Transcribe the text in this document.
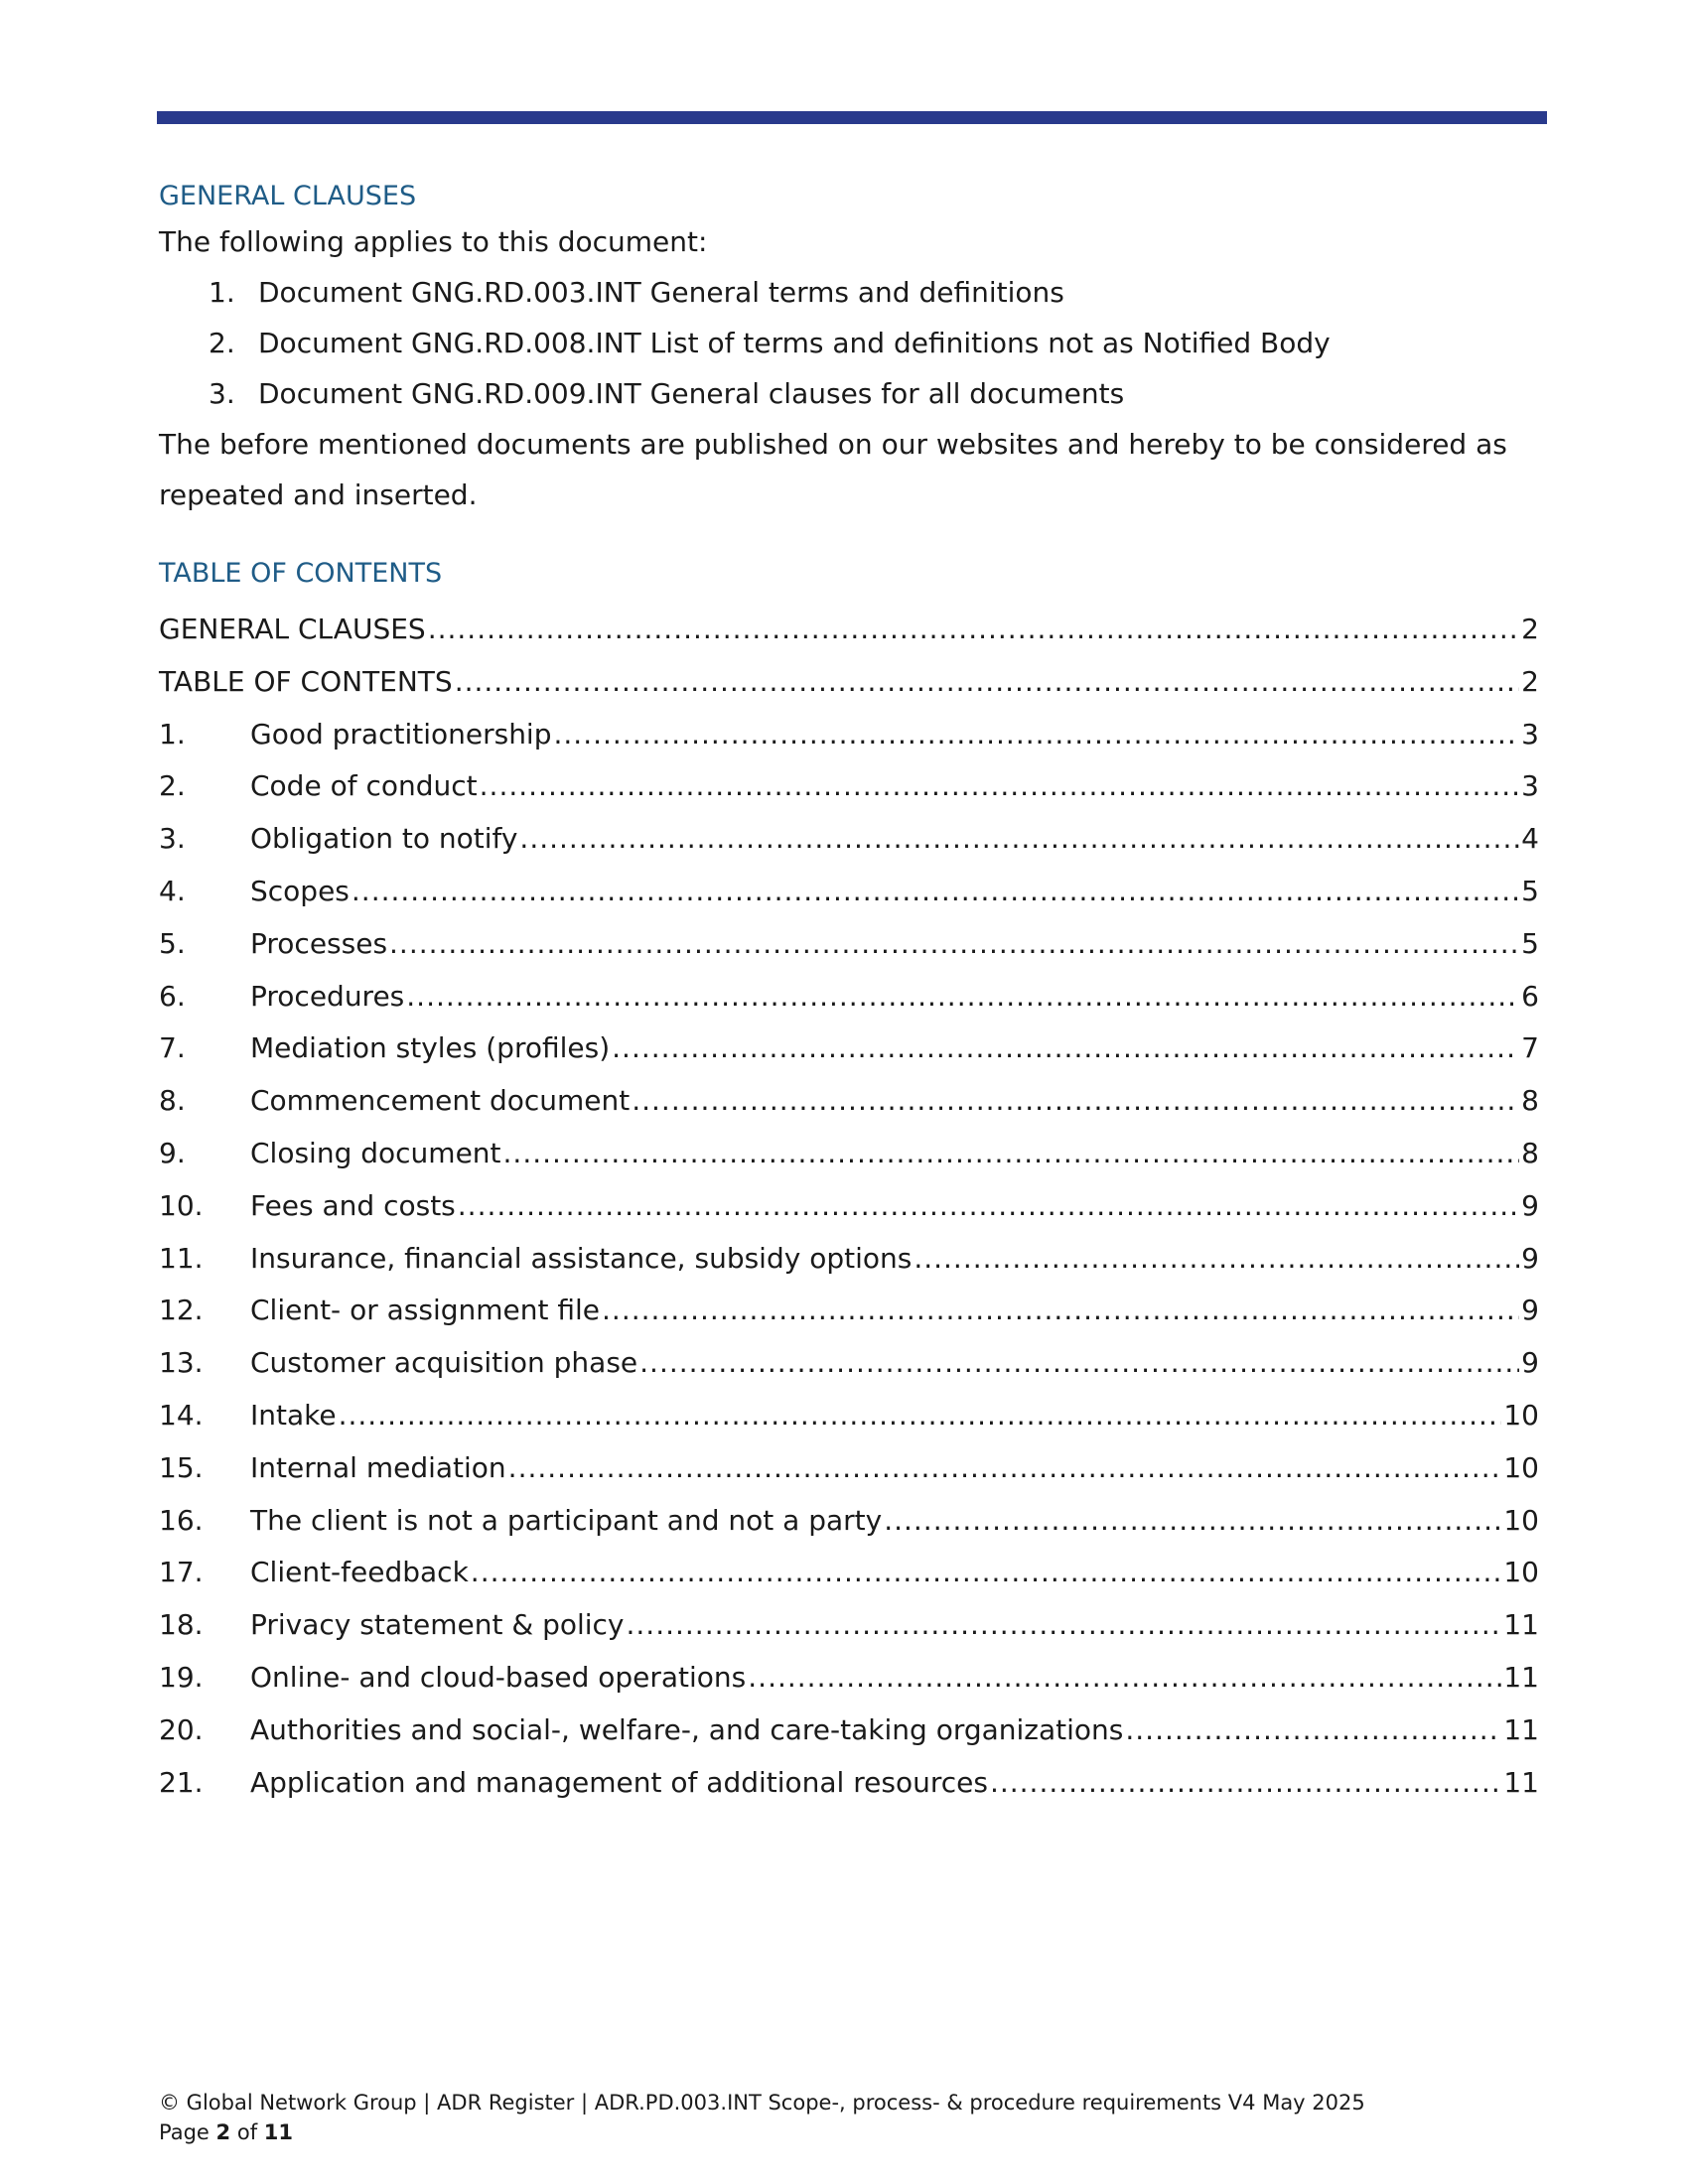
GENERAL CLAUSES

The following applies to this document:

1. Document GNG.RD.003.INT General terms and definitions
2. Document GNG.RD.008.INT List of terms and definitions not as Notified Body
3. Document GNG.RD.009.INT General clauses for all documents

The before mentioned documents are published on our websites and hereby to be considered as repeated and inserted.

TABLE OF CONTENTS
GENERAL CLAUSES .....	2
TABLE OF CONTENTS .....	2
1.	Good practitionership .....	3
2.	Code of conduct .....	3
3.	Obligation to notify .....	4
4.	Scopes .....	5
5.	Processes .....	5
6.	Procedures .....	6
7.	Mediation styles (profiles) .....	7
8.	Commencement document .....	8
9.	Closing document .....	8
10.	Fees and costs .....	9
11.	Insurance, financial assistance, subsidy options .....	9
12.	Client- or assignment file .....	9
13.	Customer acquisition phase .....	9
14.	Intake .....	10
15.	Internal mediation .....	10
16.	The client is not a participant and not a party .....	10
17.	Client-feedback .....	10
18.	Privacy statement & policy .....	11
19.	Online- and cloud-based operations .....	11
20.	Authorities and social-, welfare-, and care-taking organizations .....	11
21.	Application and management of additional resources .....	11
© Global Network Group | ADR Register | ADR.PD.003.INT Scope-, process- & procedure requirements V4 May 2025
Page 2 of 11
